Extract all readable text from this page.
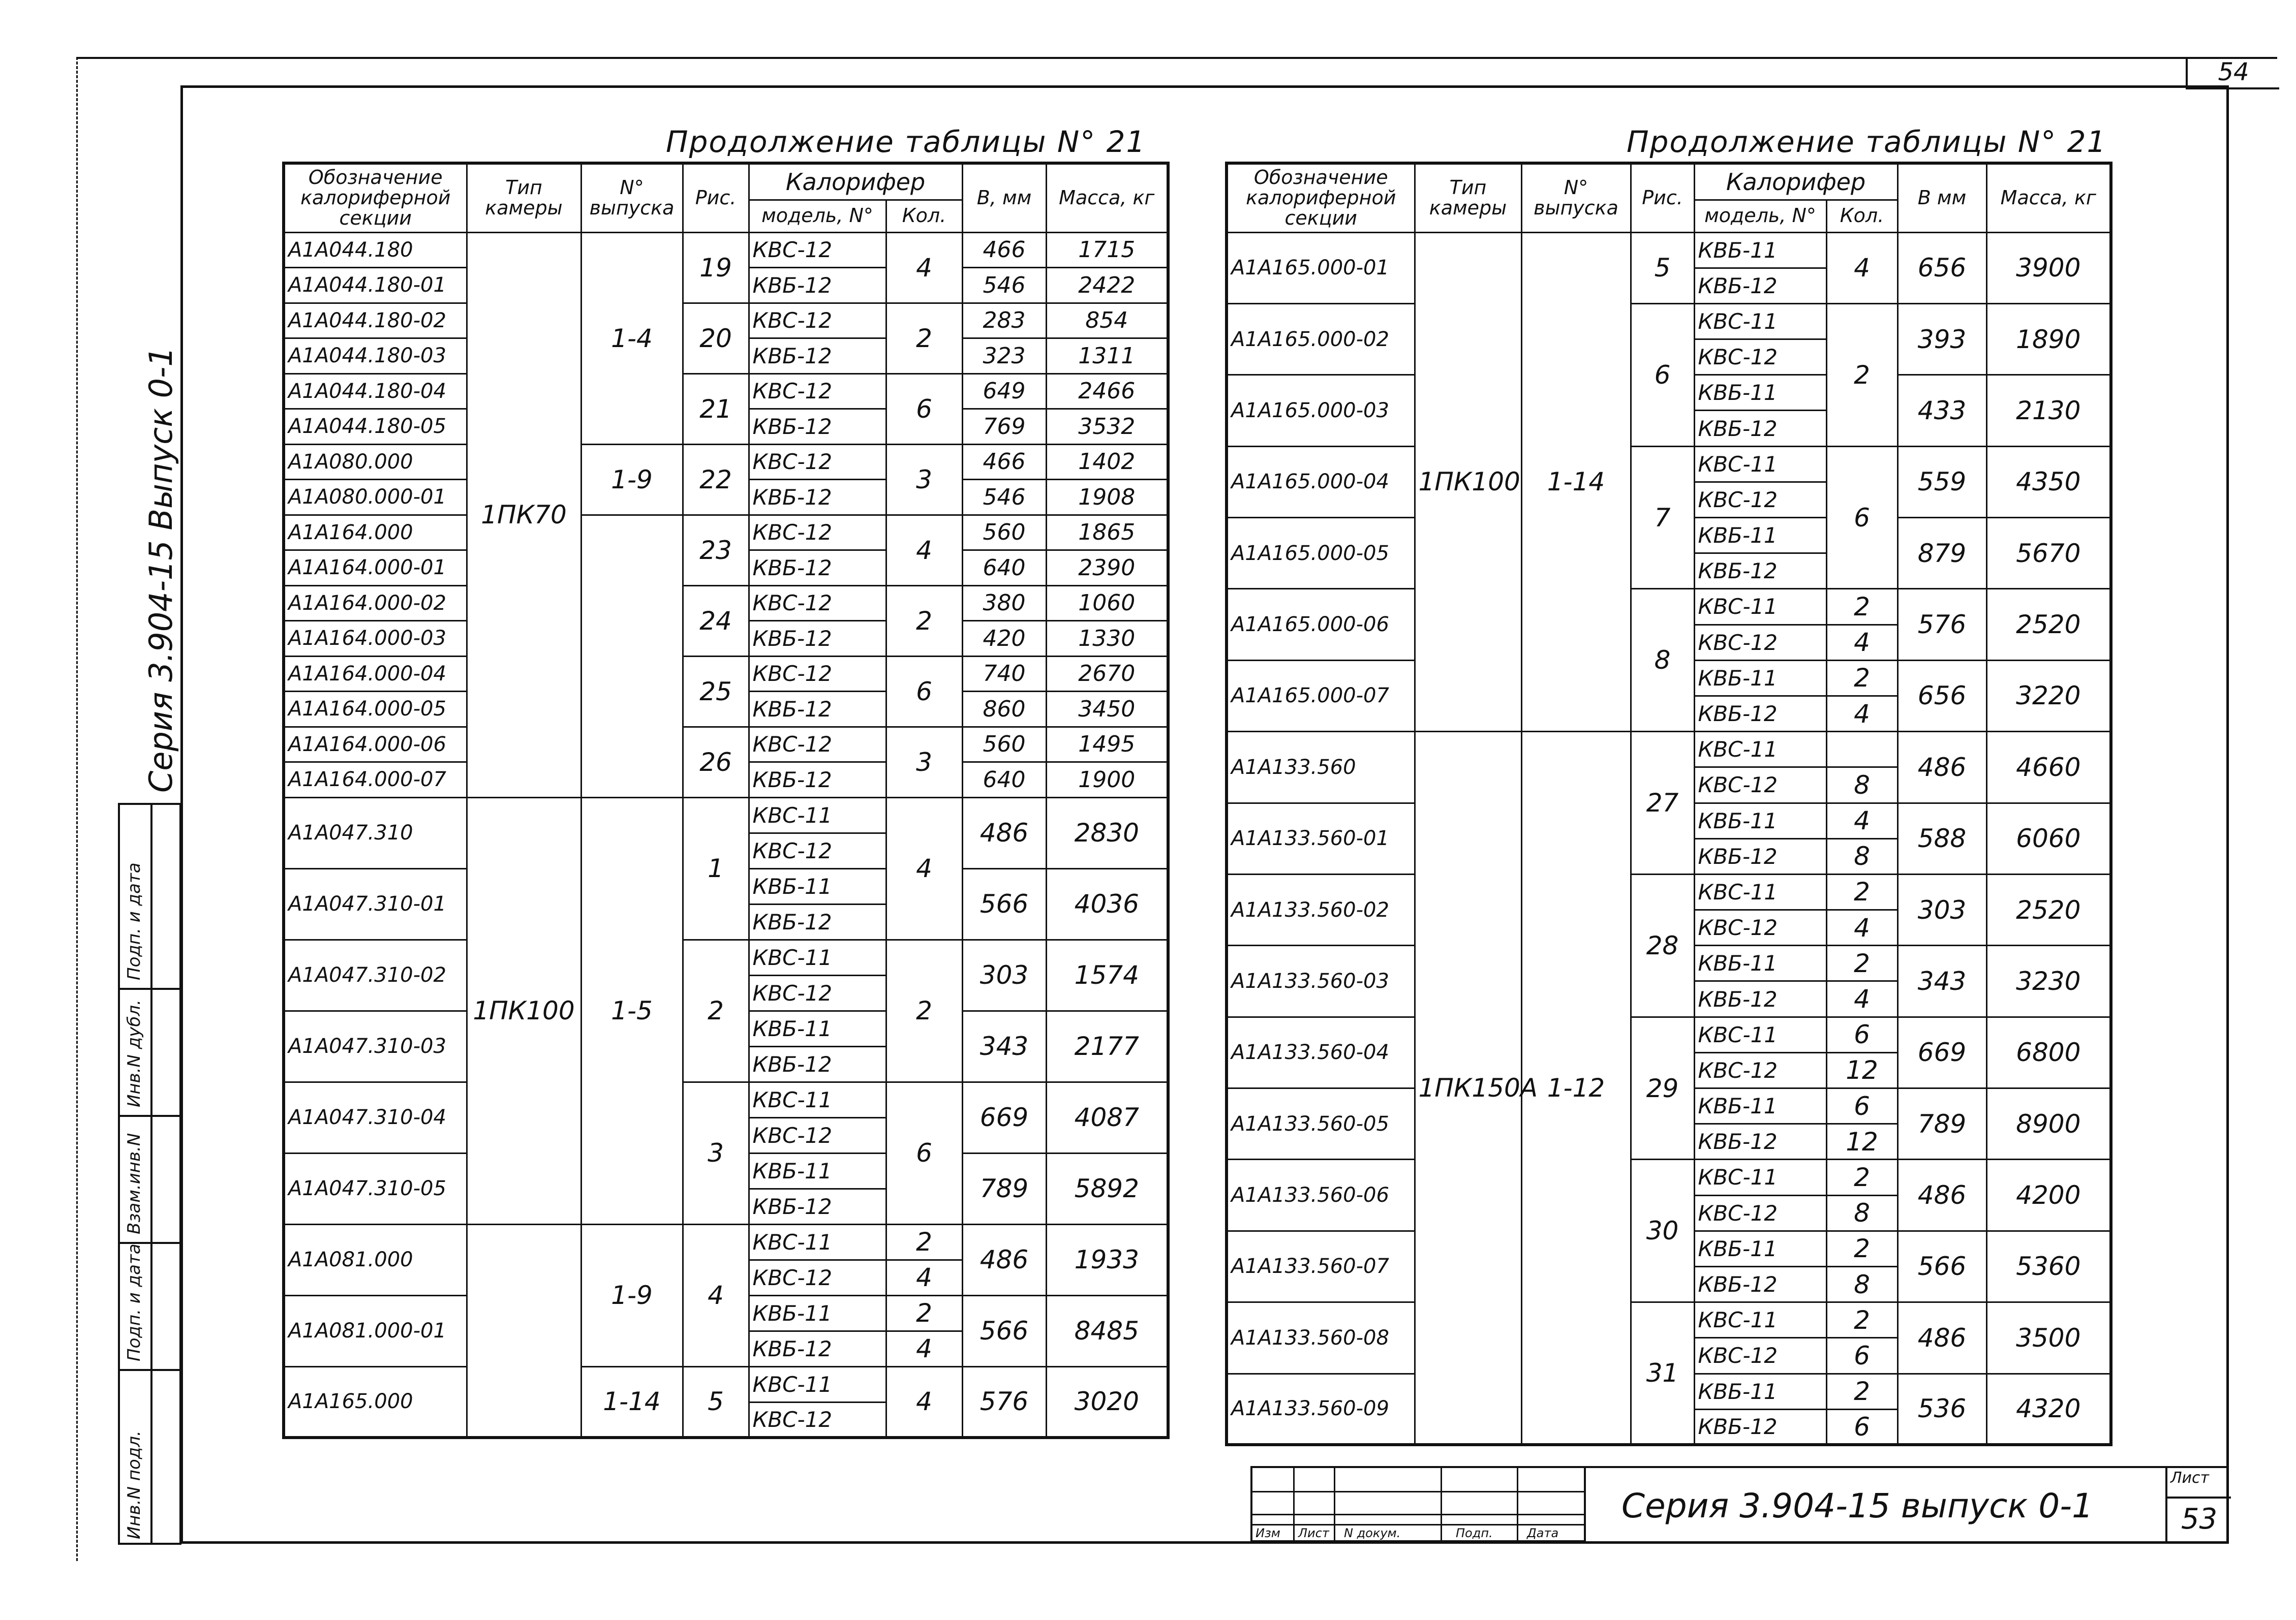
54
Серия 3.904-15 Выпуск 0-1
Инв.N подл.
Подп. и дата
Взам.инв.N
Инв.N дубл.
Подп. и дата
Продолжение таблицы N° 21
Обозначение калориферной секции	Тип камеры	N° выпуска	Рис.	Калорифер		В, мм	Масса, кг
				модель, N°	Кол.		
А1А044.180	1ПК70	1-4	19	КВС-12	4	466	1715
А1А044.180-01				КВБ-12		546	2422
А1А044.180-02			20	КВС-12	2	283	854
А1А044.180-03				КВБ-12		323	1311
А1А044.180-04			21	КВС-12	6	649	2466
А1А044.180-05				КВБ-12		769	3532
А1А080.000		1-9	22	КВС-12	3	466	1402
А1А080.000-01				КВБ-12		546	1908
А1А164.000			23	КВС-12	4	560	1865
А1А164.000-01				КВБ-12		640	2390
А1А164.000-02			24	КВС-12	2	380	1060
А1А164.000-03				КВБ-12		420	1330
А1А164.000-04			25	КВС-12	6	740	2670
А1А164.000-05				КВБ-12		860	3450
А1А164.000-06			26	КВС-12	3	560	1495
А1А164.000-07				КВБ-12		640	1900
А1А047.310	1ПК100	1-5	1	КВС-11	4	486	2830
				КВС-12			
А1А047.310-01				КВБ-11		566	4036
				КВБ-12			
А1А047.310-02			2	КВС-11	2	303	1574
				КВС-12			
А1А047.310-03				КВБ-11		343	2177
				КВБ-12			
А1А047.310-04			3	КВС-11	6	669	4087
				КВС-12			
А1А047.310-05				КВБ-11		789	5892
				КВБ-12			
А1А081.000		1-9	4	КВС-11	2	486	1933
				КВС-12	4		
А1А081.000-01				КВБ-11	2	566	8485
				КВБ-12	4		
А1А165.000		1-14	5	КВС-11	4	576	3020
				КВС-12			
Продолжение таблицы N° 21
Обозначение калориферной секции	Тип камеры	N° выпуска	Рис.	Калорифер		В мм	Масса, кг
				модель, N°	Кол.		
А1А165.000-01	1ПК100	1-14	5	КВБ-11	4	656	3900
				КВБ-12			
А1А165.000-02			6	КВС-11	2	393	1890
				КВС-12			
А1А165.000-03				КВБ-11		433	2130
				КВБ-12			
А1А165.000-04			7	КВС-11	6	559	4350
				КВС-12			
А1А165.000-05				КВБ-11		879	5670
				КВБ-12			
А1А165.000-06			8	КВС-11	2	576	2520
				КВС-12	4		
А1А165.000-07				КВБ-11	2	656	3220
				КВБ-12	4		
А1А133.560	1ПК150А	1-12	27	КВС-11		486	4660
				КВС-12	8		
А1А133.560-01				КВБ-11	4	588	6060
				КВБ-12	8		
А1А133.560-02			28	КВС-11	2	303	2520
				КВС-12	4		
А1А133.560-03				КВБ-11	2	343	3230
				КВБ-12	4		
А1А133.560-04			29	КВС-11	6	669	6800
				КВС-12	12		
А1А133.560-05				КВБ-11	6	789	8900
				КВБ-12	12		
А1А133.560-06			30	КВС-11	2	486	4200
				КВС-12	8		
А1А133.560-07				КВБ-11	2	566	5360
				КВБ-12	8		
А1А133.560-08			31	КВС-11	2	486	3500
				КВС-12	6		
А1А133.560-09				КВБ-11	2	536	4320
				КВБ-12	6		
Изм Лист N докум.	Подп.	Дата
Серия 3.904-15 выпуск 0-1
Лист
53
